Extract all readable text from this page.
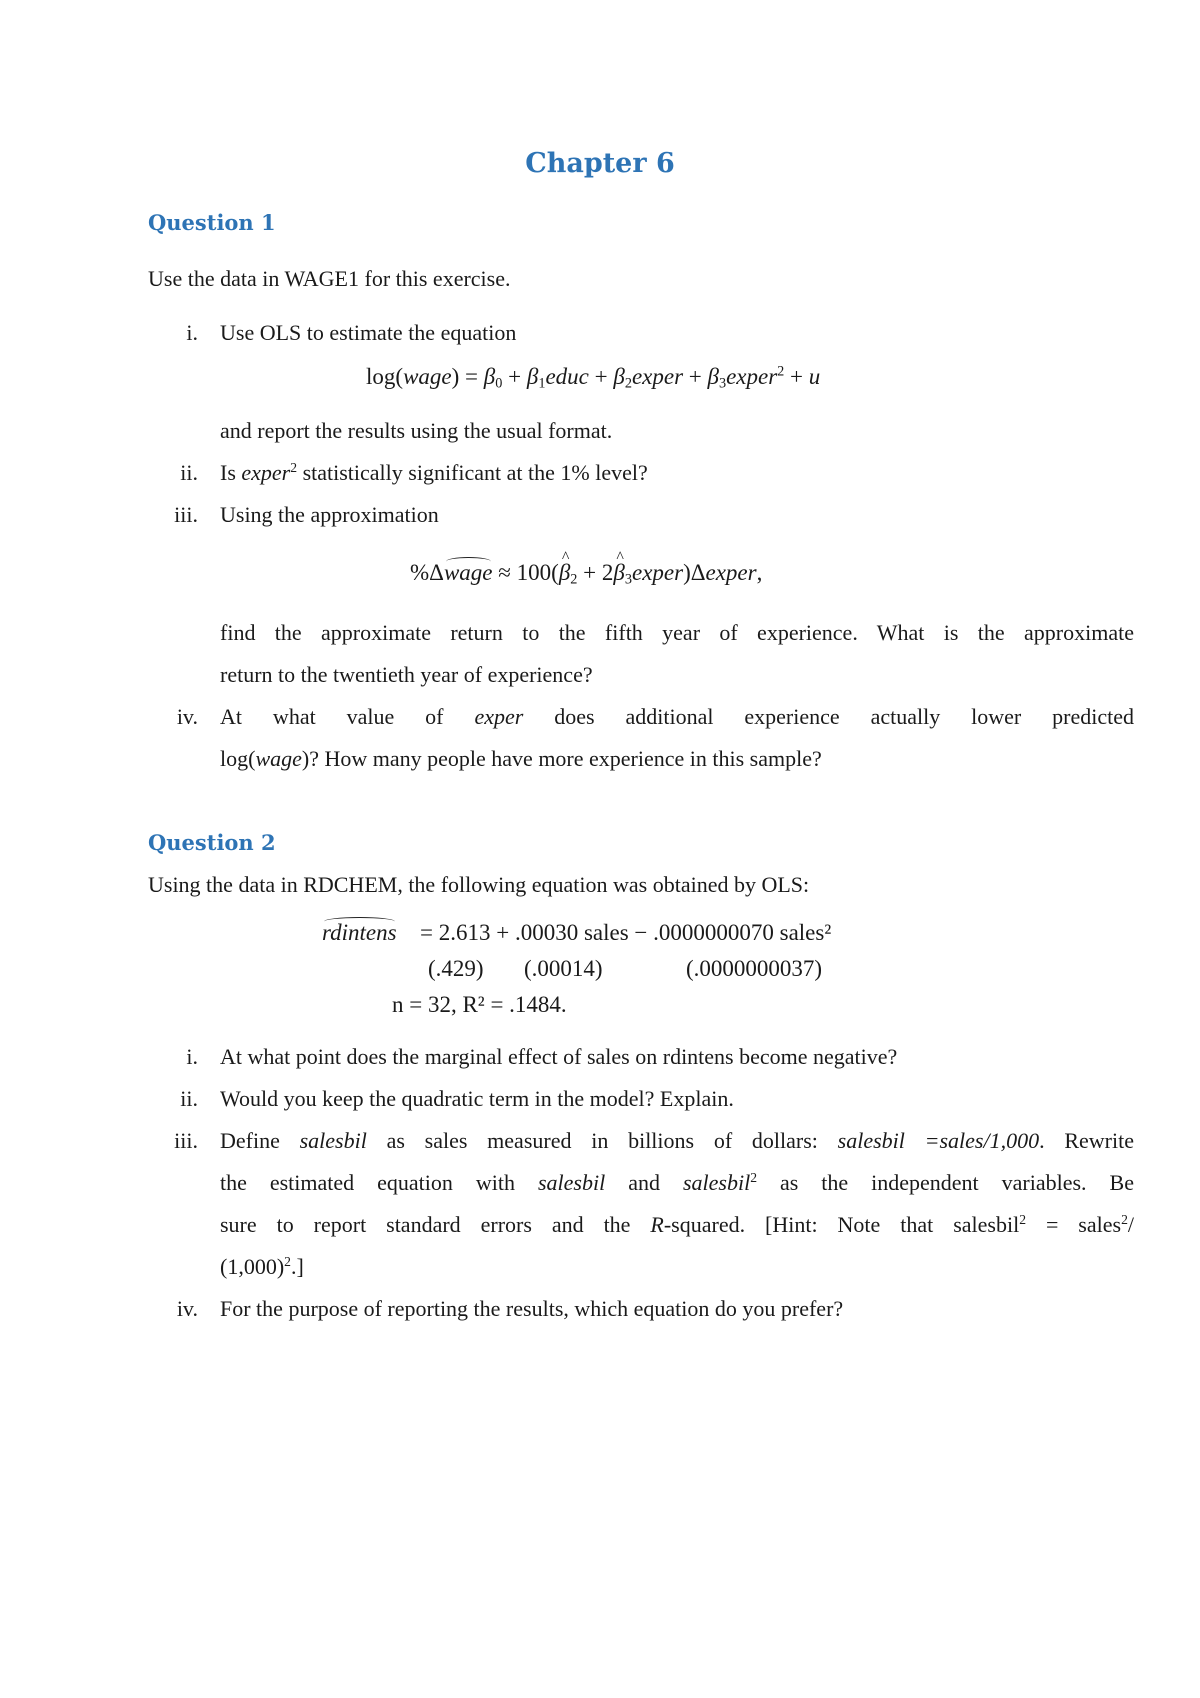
Chapter 6
Question 1
Use the data in WAGE1 for this exercise.
i. Use OLS to estimate the equation
log(wage) = $\beta_0$ + $\beta_1educ$ + $\beta_2exper$ + $\beta_3exper^2 + u$
and report the results using the usual format.
ii. Is exper$^2$ statistically significant at the 1% level?
iii. Using the approximation
%Δwage ≈ 100(^ $\beta_2$ + 2^ $\beta_3exper)\Delta exper$,
find the approximate return to the fifth year of experience. What is the approximate
return to the twentieth year of experience?
iv. At what value of exper does additional experience actually lower predicted
log(wage)? How many people have more experience in this sample?
Question 2
Using the data in RDCHEM, the following equation was obtained by OLS:
rdintens = 2.613 + .00030 sales − .0000000070 sales²
(.429) (.00014)	(.0000000037)
n = 32, R² = .1484.
i. At what point does the marginal effect of sales on rdintens become negative?
ii. Would you keep the quadratic term in the model? Explain.
iii. Define salesbil as sales measured in billions of dollars: salesbil =sales/1,000. Rewrite
the estimated equation with salesbil and salesbil$^2$ as the independent variables. Be
sure to report standard errors and the R-squared. [Hint: Note that salesbil$^2$ = sales$^2$/
$(1,000)^2$.]
iv. For the purpose of reporting the results, which equation do you prefer?
